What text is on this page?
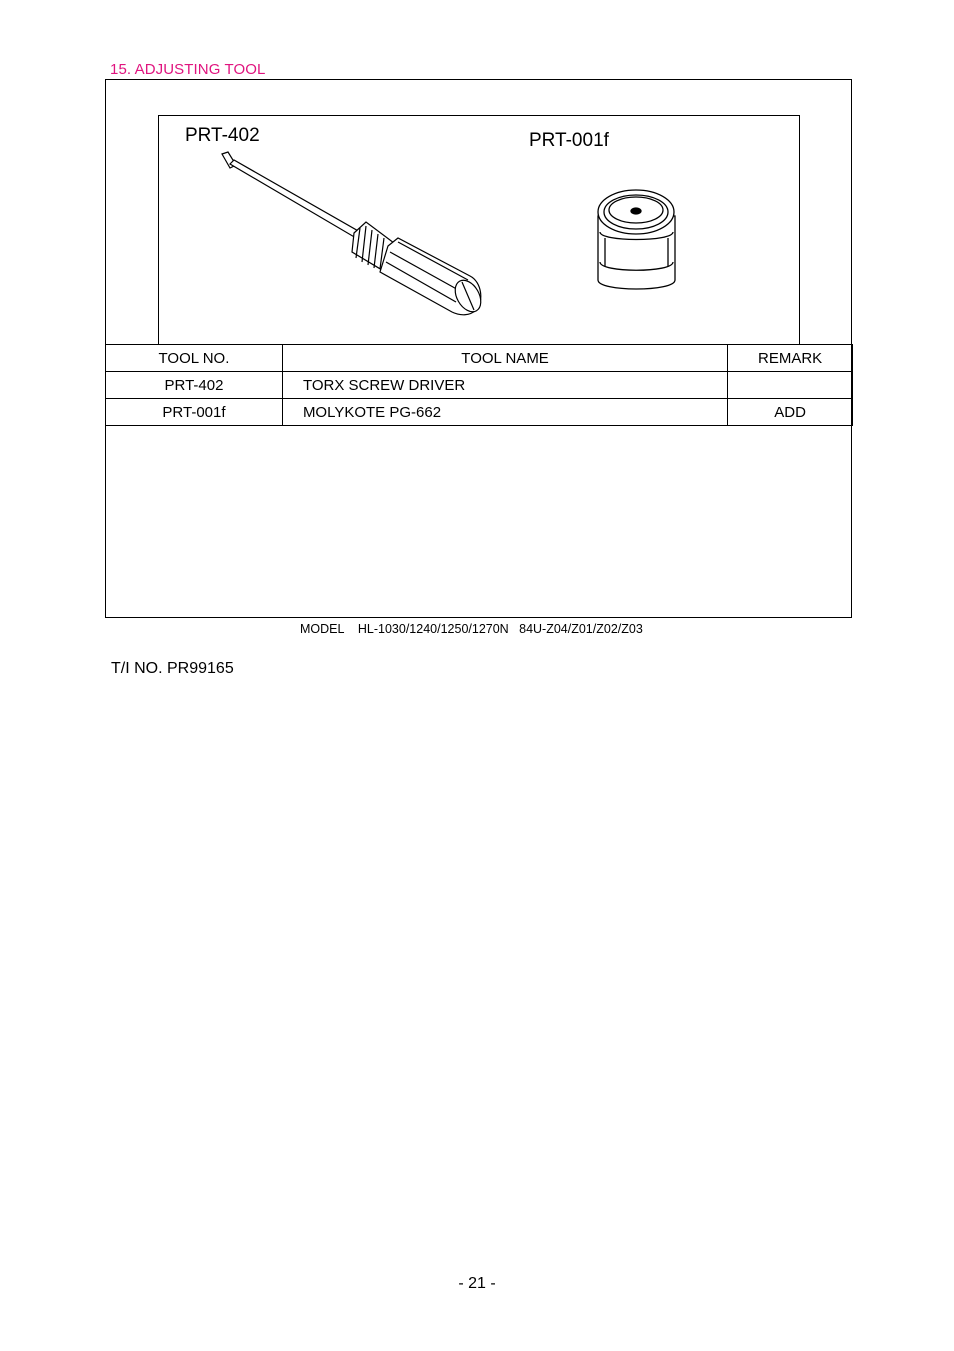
15. ADJUSTING TOOL
PRT-402	PRT-001f
TOOL NO.	TOOL NAME	REMARK
PRT-402	TORX SCREW DRIVER	
PRT-001f	MOLYKOTE PG-662	ADD
MODEL    HL-1030/1240/1250/1270N   84U-Z04/Z01/Z02/Z03
T/I NO. PR99165
- 21 -
